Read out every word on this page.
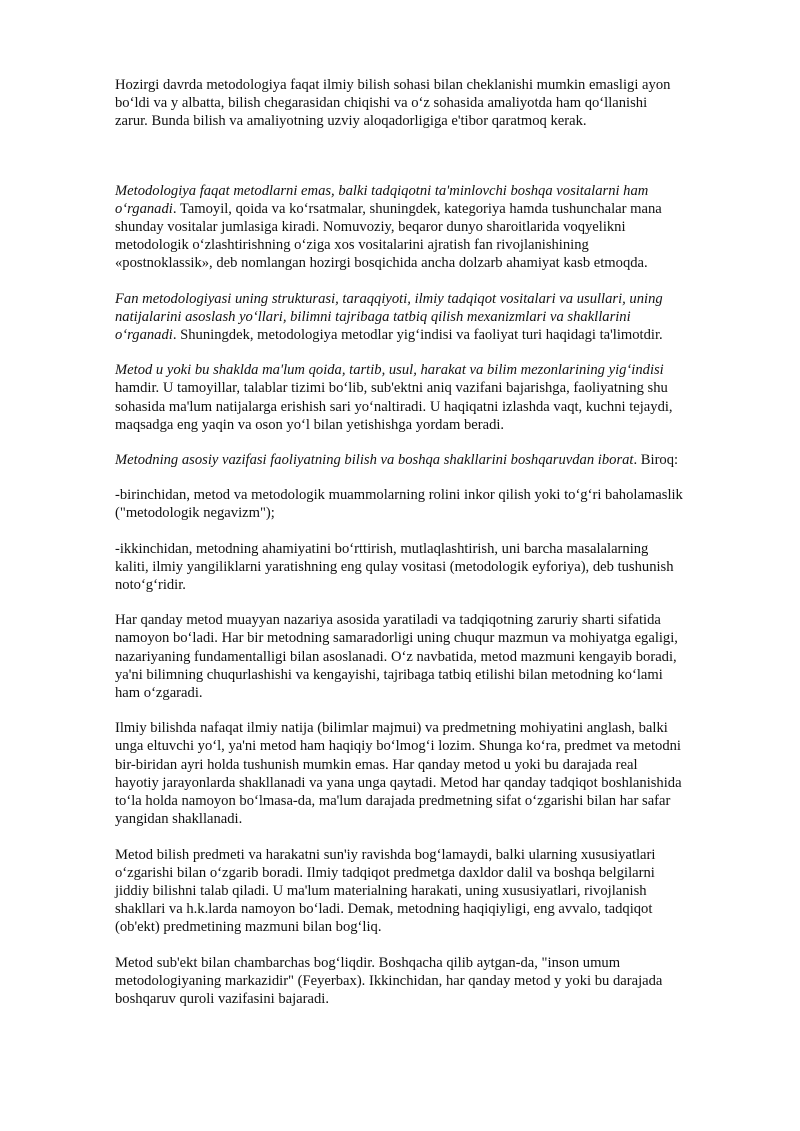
Hozirgi davrda metodologiya faqat ilmiy bilish sohasi bilan cheklanishi mumkin emasligi ayon
bo‘ldi va y albatta, bilish chegarasidan chiqishi va o‘z sohasida amaliyotda ham qo‘llanishi
zarur. Bunda bilish va amaliyotning uzviy aloqadorligiga e'tibor qaratmoq kerak.

Metodologiya faqat metodlarni emas, balki tadqiqotni ta'minlovchi boshqa vositalarni ham
o‘rganadi. Tamoyil, qoida va ko‘rsatmalar, shuningdek, kategoriya hamda tushunchalar mana
shunday vositalar jumlasiga kiradi. Nomuvoziy, beqaror dunyo sharoitlarida voqyelikni
metodologik o‘zlashtirishning o‘ziga xos vositalarini ajratish fan rivojlanishining
«postnoklassik», deb nomlangan hozirgi bosqichida ancha dolzarb ahamiyat kasb etmoqda.

Fan metodologiyasi uning strukturasi, taraqqiyoti, ilmiy tadqiqot vositalari va usullari, uning
natijalarini asoslash yo‘llari, bilimni tajribaga tatbiq qilish mexanizmlari va shakllarini
o‘rganadi. Shuningdek, metodologiya metodlar yig‘indisi va faoliyat turi haqidagi ta'limotdir.

Metod u yoki bu shaklda ma'lum qoida, tartib, usul, harakat va bilim mezonlarining yig‘indisi
hamdir. U tamoyillar, talablar tizimi bo‘lib, sub'ektni aniq vazifani bajarishga, faoliyatning shu
sohasida ma'lum natijalarga erishish sari yo‘naltiradi. U haqiqatni izlashda vaqt, kuchni tejaydi,
maqsadga eng yaqin va oson yo‘l bilan yetishishga yordam beradi.

Metodning asosiy vazifasi faoliyatning bilish va boshqa shakllarini boshqaruvdan iborat. Biroq:

-birinchidan, metod va metodologik muammolarning rolini inkor qilish yoki to‘g‘ri baholamaslik
("metodologik negavizm");

-ikkinchidan, metodning ahamiyatini bo‘rttirish, mutlaqlashtirish, uni barcha masalalarning
kaliti, ilmiy yangiliklarni yaratishning eng qulay vositasi (metodologik eyforiya), deb tushunish
noto‘g‘ridir.

Har qanday metod muayyan nazariya asosida yaratiladi va tadqiqotning zaruriy sharti sifatida
namoyon bo‘ladi. Har bir metodning samaradorligi uning chuqur mazmun va mohiyatga egaligi,
nazariyaning fundamentalligi bilan asoslanadi. O‘z navbatida, metod mazmuni kengayib boradi,
ya'ni bilimning chuqurlashishi va kengayishi, tajribaga tatbiq etilishi bilan metodning ko‘lami
ham o‘zgaradi.

Ilmiy bilishda nafaqat ilmiy natija (bilimlar majmui) va predmetning mohiyatini anglash, balki
unga eltuvchi yo‘l, ya'ni metod ham haqiqiy bo‘lmog‘i lozim. Shunga ko‘ra, predmet va metodni
bir-biridan ayri holda tushunish mumkin emas. Har qanday metod u yoki bu darajada real
hayotiy jarayonlarda shakllanadi va yana unga qaytadi. Metod har qanday tadqiqot boshlanishida
to‘la holda namoyon bo‘lmasa-da, ma'lum darajada predmetning sifat o‘zgarishi bilan har safar
yangidan shakllanadi.

Metod bilish predmeti va harakatni sun'iy ravishda bog‘lamaydi, balki ularning xususiyatlari
o‘zgarishi bilan o‘zgarib boradi. Ilmiy tadqiqot predmetga daxldor dalil va boshqa belgilarni
jiddiy bilishni talab qiladi. U ma'lum materialning harakati, uning xususiyatlari, rivojlanish
shakllari va h.k.larda namoyon bo‘ladi. Demak, metodning haqiqiyligi, eng avvalo, tadqiqot
(ob'ekt) predmetining mazmuni bilan bog‘liq.

Metod sub'ekt bilan chambarchas bog‘liqdir. Boshqacha qilib aytgan-da, "inson umum
metodologiyaning markazidir" (Feyerbax). Ikkinchidan, har qanday metod y yoki bu darajada
boshqaruv quroli vazifasini bajaradi.
